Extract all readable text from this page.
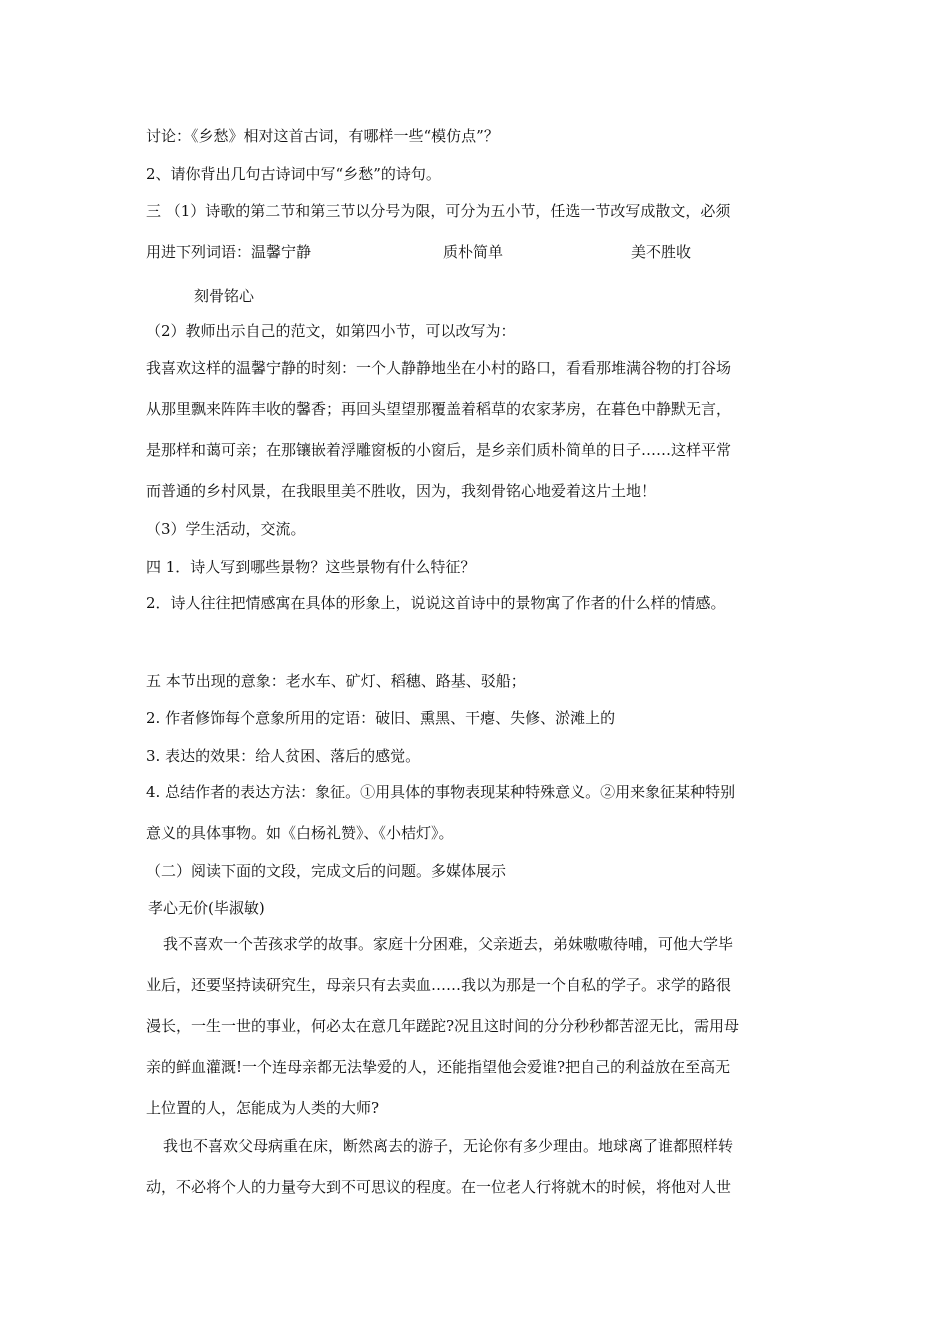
讨论：《乡愁》相对这首古词，有哪样一些“模仿点”？
2、请你背出几句古诗词中写“乡愁”的诗句。
三 （1）诗歌的第二节和第三节以分号为限，可分为五小节，任选一节改写成散文，必须
用进下列词语：温馨宁静	质朴简单	美不胜收
刻骨铭心
（2）教师出示自己的范文，如第四小节，可以改写为：
我喜欢这样的温馨宁静的时刻：一个人静静地坐在小村的路口，看看那堆满谷物的打谷场
从那里飘来阵阵丰收的馨香；再回头望望那覆盖着稻草的农家茅房，在暮色中静默无言，
是那样和蔼可亲；在那镶嵌着浮雕窗板的小窗后，是乡亲们质朴简单的日子……这样平常
而普通的乡村风景，在我眼里美不胜收，因为，我刻骨铭心地爱着这片土地！
（3）学生活动，交流。
四 1．诗人写到哪些景物？这些景物有什么特征？
2．诗人往往把情感寓在具体的形象上，说说这首诗中的景物寓了作者的什么样的情感。
五 本节出现的意象：老水车、矿灯、稻穗、路基、驳船；
2. 作者修饰每个意象所用的定语：破旧、熏黑、干瘪、失修、淤滩上的
3. 表达的效果：给人贫困、落后的感觉。
4. 总结作者的表达方法：象征。①用具体的事物表现某种特殊意义。②用来象征某种特别
意义的具体事物。如《白杨礼赞》、《小桔灯》。
（二）阅读下面的文段，完成文后的问题。多媒体展示
孝心无价(毕淑敏)
我不喜欢一个苦孩求学的故事。家庭十分困难，父亲逝去，弟妹嗷嗷待哺，可他大学毕
业后，还要坚持读研究生，母亲只有去卖血……我以为那是一个自私的学子。求学的路很
漫长，一生一世的事业，何必太在意几年蹉跎?况且这时间的分分秒秒都苦涩无比，需用母
亲的鲜血灌溉!一个连母亲都无法挚爱的人，还能指望他会爱谁?把自己的利益放在至高无
上位置的人，怎能成为人类的大师?
我也不喜欢父母病重在床，断然离去的游子，无论你有多少理由。地球离了谁都照样转
动，不必将个人的力量夸大到不可思议的程度。在一位老人行将就木的时候，将他对人世
